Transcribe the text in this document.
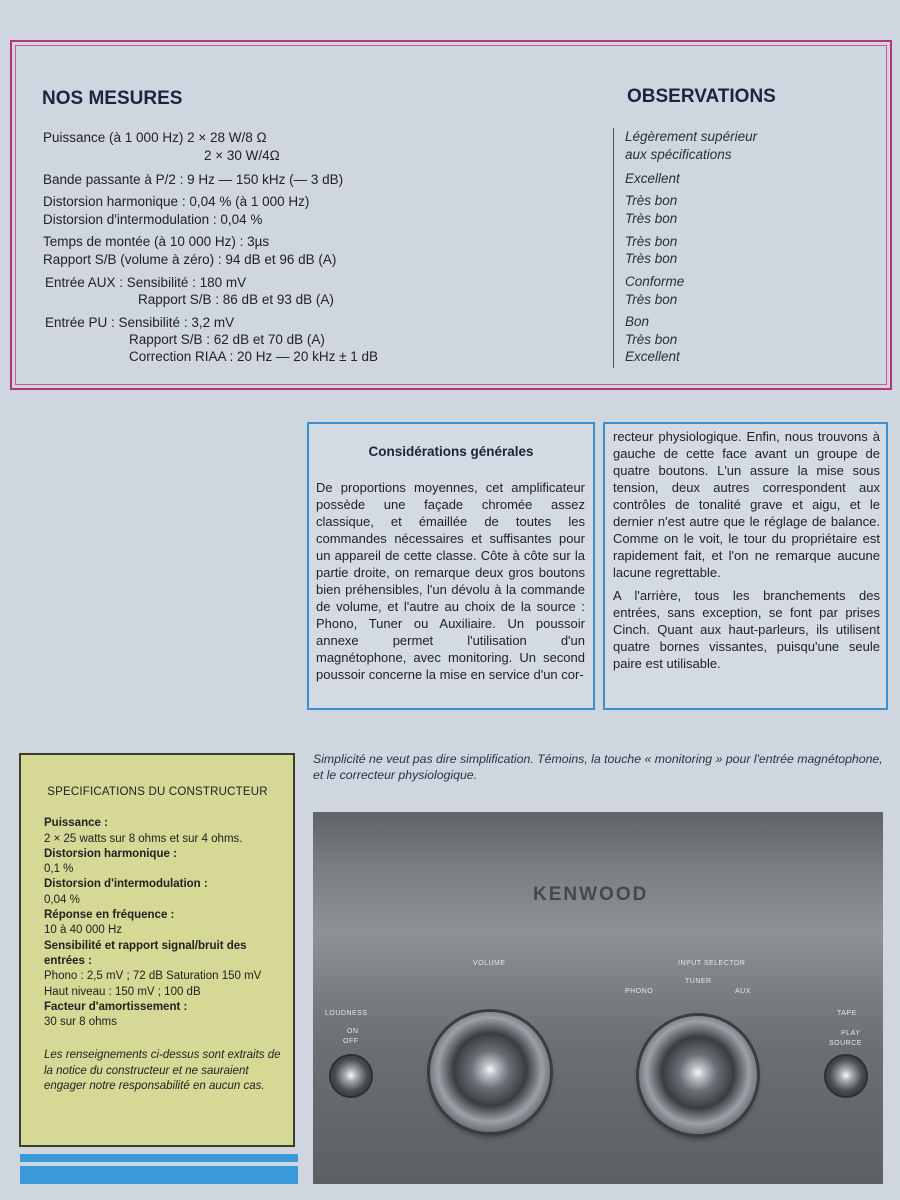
NOS MESURES	OBSERVATIONS
Puissance (à 1 000 Hz) 2 × 28 W/8 Ω
2 × 30 W/4Ω
Bande passante à P/2 : 9 Hz — 150 kHz (— 3 dB)
Distorsion harmonique : 0,04 % (à 1 000 Hz)
Distorsion d'intermodulation : 0,04 %
Temps de montée (à 10 000 Hz) : 3µs
Rapport S/B (volume à zéro) : 94 dB et 96 dB (A)
Entrée AUX : Sensibilité : 180 mV
Rapport S/B : 86 dB et 93 dB (A)
Entrée PU : Sensibilité : 3,2 mV
Rapport S/B : 62 dB et 70 dB (A)
Correction RIAA : 20 Hz — 20 kHz ± 1 dB
Légèrement supérieur
aux spécifications
Excellent
Très bon
Très bon
Très bon
Très bon
Conforme
Très bon
Bon
Très bon
Excellent
Considérations générales
De proportions moyennes, cet amplificateur possède une façade chromée assez classique, et émaillée de toutes les commandes nécessaires et suffisantes pour un appareil de cette classe. Côte à côte sur la partie droite, on remarque deux gros boutons bien préhensibles, l'un dévolu à la commande de volume, et l'autre au choix de la source : Phono, Tuner ou Auxiliaire. Un poussoir annexe permet l'utilisation d'un magnétophone, avec monitoring. Un second poussoir concerne la mise en service d'un cor-
recteur physiologique. Enfin, nous trouvons à gauche de cette face avant un groupe de quatre boutons. L'un assure la mise sous tension, deux autres correspondent aux contrôles de tonalité grave et aigu, et le dernier n'est autre que le réglage de balance. Comme on le voit, le tour du propriétaire est rapidement fait, et l'on ne remarque aucune lacune regrettable.
A l'arrière, tous les branchements des entrées, sans exception, se font par prises Cinch. Quant aux haut-parleurs, ils utilisent quatre bornes vissantes, puisqu'une seule paire est utilisable.
SPECIFICATIONS DU CONSTRUCTEUR
Puissance :
2 × 25 watts sur 8 ohms et sur 4 ohms.
Distorsion harmonique :
0,1 %
Distorsion d'intermodulation :
0,04 %
Réponse en fréquence :
10 à 40 000 Hz
Sensibilité et rapport signal/bruit des entrées :
Phono : 2,5 mV ; 72 dB Saturation 150 mV
Haut niveau : 150 mV ; 100 dB
Facteur d'amortissement :
30 sur 8 ohms
Les renseignements ci-dessus sont extraits de la notice du constructeur et ne sauraient engager notre responsabilité en aucun cas.
Simplicité ne veut pas dire simplification. Témoins, la touche « monitoring » pour l'entrée magnétophone, et le correcteur physiologique.
KENWOOD
VOLUME	INPUT SELECTOR
PHONO
TUNER
AUX
LOUDNESS
ON
OFF
TAPE
PLAY
SOURCE
